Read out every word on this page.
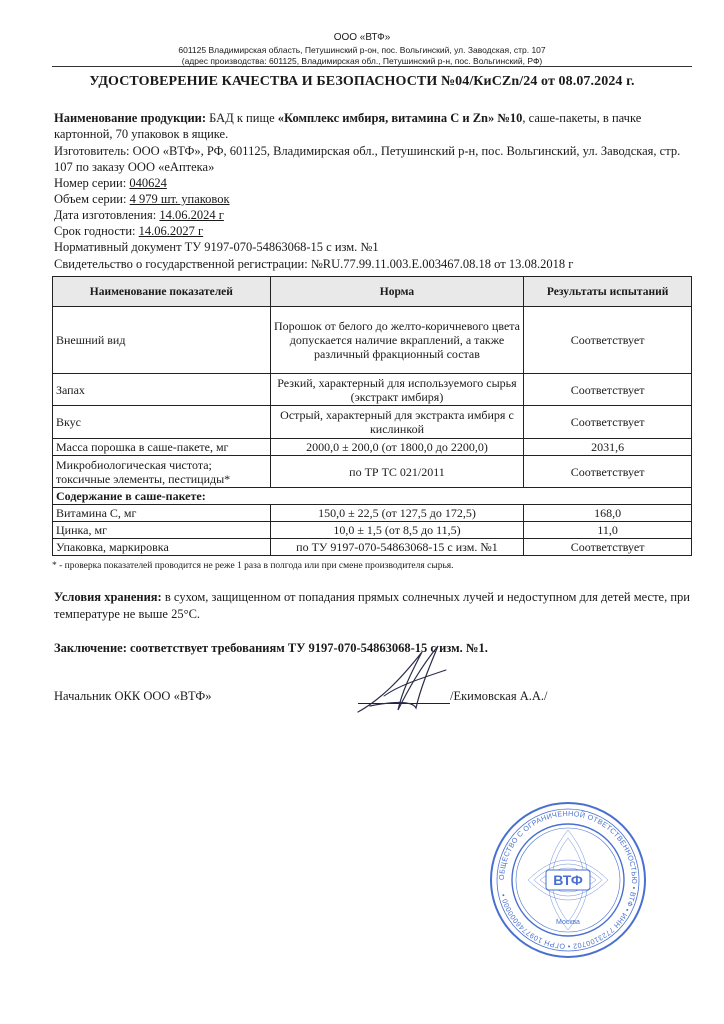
ООО «ВТФ»
601125 Владимирская область, Петушинский р-он, пос. Вольгинский, ул. Заводская, стр. 107
(адрес производства: 601125, Владимирская обл., Петушинский р-н, пос. Вольгинский, РФ)
УДОСТОВЕРЕНИЕ КАЧЕСТВА И БЕЗОПАСНОСТИ №04/КиCZn/24 от 08.07.2024 г.
Наименование продукции: БАД к пище «Комплекс имбиря, витамина С и Zn» №10, саше-пакеты, в пачке картонной, 70 упаковок в ящике.
Изготовитель: ООО «ВТФ», РФ, 601125, Владимирская обл., Петушинский р-н, пос. Вольгинский, ул. Заводская, стр. 107 по заказу ООО «еАптека»
Номер серии: 040624
Объем серии: 4 979 шт. упаковок
Дата изготовления: 14.06.2024 г
Срок годности: 14.06.2027 г
Нормативный документ ТУ 9197-070-54863068-15 с изм. №1
Свидетельство о государственной регистрации: №RU.77.99.11.003.Е.003467.08.18 от 13.08.2018 г
Наименование показателей	Норма	Результаты испытаний
Внешний вид	Порошок от белого до желто-коричневого цвета допускается наличие вкраплений, а также различный фракционный состав	Соответствует
Запах	Резкий, характерный для используемого сырья (экстракт имбиря)	Соответствует
Вкус	Острый, характерный для экстракта имбиря с кислинкой	Соответствует
Масса порошка в саше-пакете, мг	2000,0 ± 200,0 (от 1800,0 до 2200,0)	2031,6
Микробиологическая чистота; токсичные элементы, пестициды*	по ТР ТС 021/2011	Соответствует
Содержание в саше-пакете:		
Витамина С, мг	150,0 ± 22,5 (от 127,5 до 172,5)	168,0
Цинка, мг	10,0 ± 1,5 (от 8,5 до 11,5)	11,0
Упаковка, маркировка	по ТУ 9197-070-54863068-15 с изм. №1	Соответствует
* - проверка показателей проводится не реже 1 раза в полгода или при смене производителя сырья.
Условия хранения: в сухом, защищенном от попадания прямых солнечных лучей и недоступном для детей месте, при температуре не выше 25°С.
Заключение: соответствует требованиям ТУ 9197-070-54863068-15 с изм. №1.
Начальник ОКК ООО «ВТФ»	/Екимовская А.А./
ОБЩЕСТВО С ОГРАНИЧЕННОЙ ОТВЕТСТВЕННОСТЬЮ • ВТФ • ИНН 7723100702 • ОГРН 1097746000000 •
ВТФ
Москва
